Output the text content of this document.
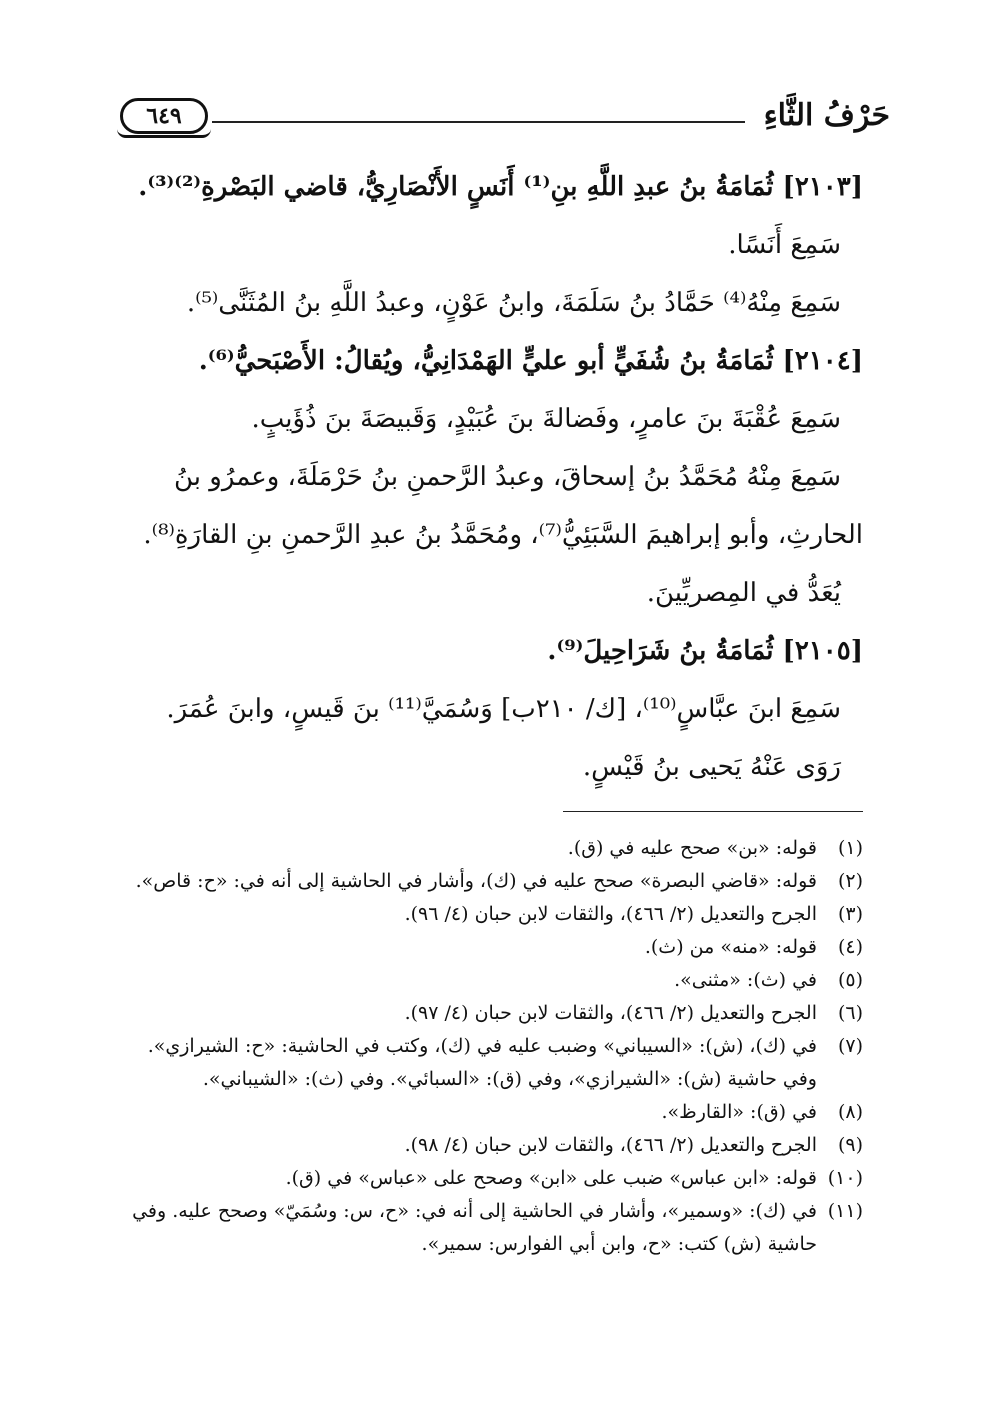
حَرْفُ الثَّاءِ
٦٤٩

[٢١٠٣] ثُمَامَةُ بنُ عبدِ اللَّهِ بنِ⁽¹⁾ أَنَسٍ الأَنْصَارِيُّ، قاضي البَصْرةِ⁽²⁾⁽³⁾.

سَمِعَ أَنَسًا.

سَمِعَ مِنْهُ⁽⁴⁾ حَمَّادُ بنُ سَلَمَةَ، وابنُ عَوْنٍ، وعبدُ اللَّهِ بنُ المُثَنَّى⁽⁵⁾.

[٢١٠٤] ثُمَامَةُ بنُ شُفَيٍّ أبو عليٍّ الهَمْدَانِيُّ، ويُقالُ: الأَصْبَحيُّ⁽⁶⁾.

سَمِعَ عُقْبَةَ بنَ عامرٍ، وفَضالةَ بنَ عُبَيْدٍ، وَقَبيصَةَ بنَ ذُؤَيبٍ.

سَمِعَ مِنْهُ مُحَمَّدُ بنُ إسحاقَ، وعبدُ الرَّحمنِ بنُ حَرْمَلَةَ، وعمرُو بنُ

الحارثِ، وأبو إبراهيمَ السَّبَئِيُّ⁽⁷⁾، ومُحَمَّدُ بنُ عبدِ الرَّحمنِ بنِ القارَةِ⁽⁸⁾.

يُعَدُّ في المِصريِّينَ.

[٢١٠٥] ثُمَامَةُ بنُ شَرَاحِيلَ⁽⁹⁾.

سَمِعَ ابنَ عبَّاسٍ⁽¹⁰⁾، [ك/ ٢١٠ب] وَسُمَيَّ⁽¹¹⁾ بنَ قَيسٍ، وابنَ عُمَرَ.

رَوَى عَنْهُ يَحيى بنُ قَيْسٍ.

(١)
قوله: «بن» صحح عليه في (ق).
(٢)
قوله: «قاضي البصرة» صحح عليه في (ك)، وأشار في الحاشية إلى أنه في: «ح: قاص».
(٣)
الجرح والتعديل (٢/ ٤٦٦)، والثقات لابن حبان (٤/ ٩٦).
(٤)
قوله: «منه» من (ث).
(٥)
في (ث): «مثنى».
(٦)
الجرح والتعديل (٢/ ٤٦٦)، والثقات لابن حبان (٤/ ٩٧).
(٧)
في (ك)، (ش): «السيباني» وضبب عليه في (ك)، وكتب في الحاشية: «ح: الشيرازي». وفي حاشية (ش): «الشيرازي»، وفي (ق): «السبائي». وفي (ث): «الشيباني».
(٨)
في (ق): «القارظ».
(٩)
الجرح والتعديل (٢/ ٤٦٦)، والثقات لابن حبان (٤/ ٩٨).
(١٠)
قوله: «ابن عباس» ضبب على «ابن» وصحح على «عباس» في (ق).
(١١)
في (ك): «وسمير»، وأشار في الحاشية إلى أنه في: «ح، س: وسُمَيّ» وصحح عليه. وفي حاشية (ش) كتب: «ح، وابن أبي الفوارس: سمير».
